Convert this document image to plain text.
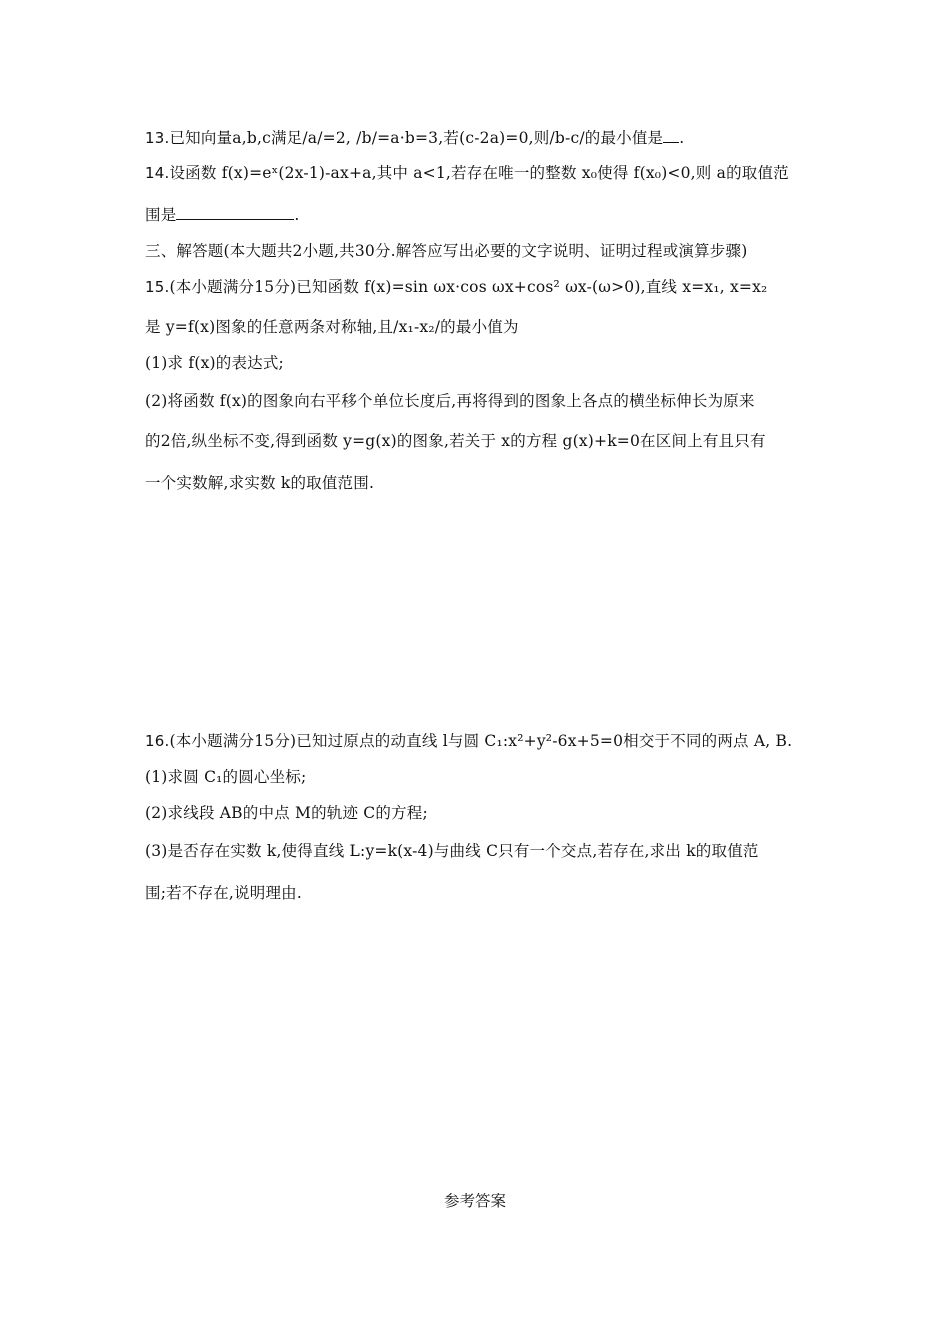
13.已知向量a,b,c满足/a/=2, /b/=a·b=3,若(c-2a)=0,则/b-c/的最小值是 .
14.设函数 f(x)=eˣ(2x-1)-ax+a,其中 a<1,若存在唯一的整数 x₀使得 f(x₀)<0,则 a的取值范
围是	.
三、解答题(本大题共2小题,共30分.解答应写出必要的文字说明、证明过程或演算步骤)
15.(本小题满分15分)已知函数 f(x)=sin ωx·cos ωx+cos² ωx-(ω>0),直线 x=x₁, x=x₂
是 y=f(x)图象的任意两条对称轴,且/x₁-x₂/的最小值为
(1)求 f(x)的表达式;
(2)将函数 f(x)的图象向右平移个单位长度后,再将得到的图象上各点的横坐标伸长为原来
的2倍,纵坐标不变,得到函数 y=g(x)的图象,若关于 x的方程 g(x)+k=0在区间上有且只有
一个实数解,求实数 k的取值范围.
16.(本小题满分15分)已知过原点的动直线 l与圆 C₁:x²+y²-6x+5=0相交于不同的两点 A, B.
(1)求圆 C₁的圆心坐标;
(2)求线段 AB的中点 M的轨迹 C的方程;
(3)是否存在实数 k,使得直线 L:y=k(x-4)与曲线 C只有一个交点,若存在,求出 k的取值范
围;若不存在,说明理由.
参考答案
